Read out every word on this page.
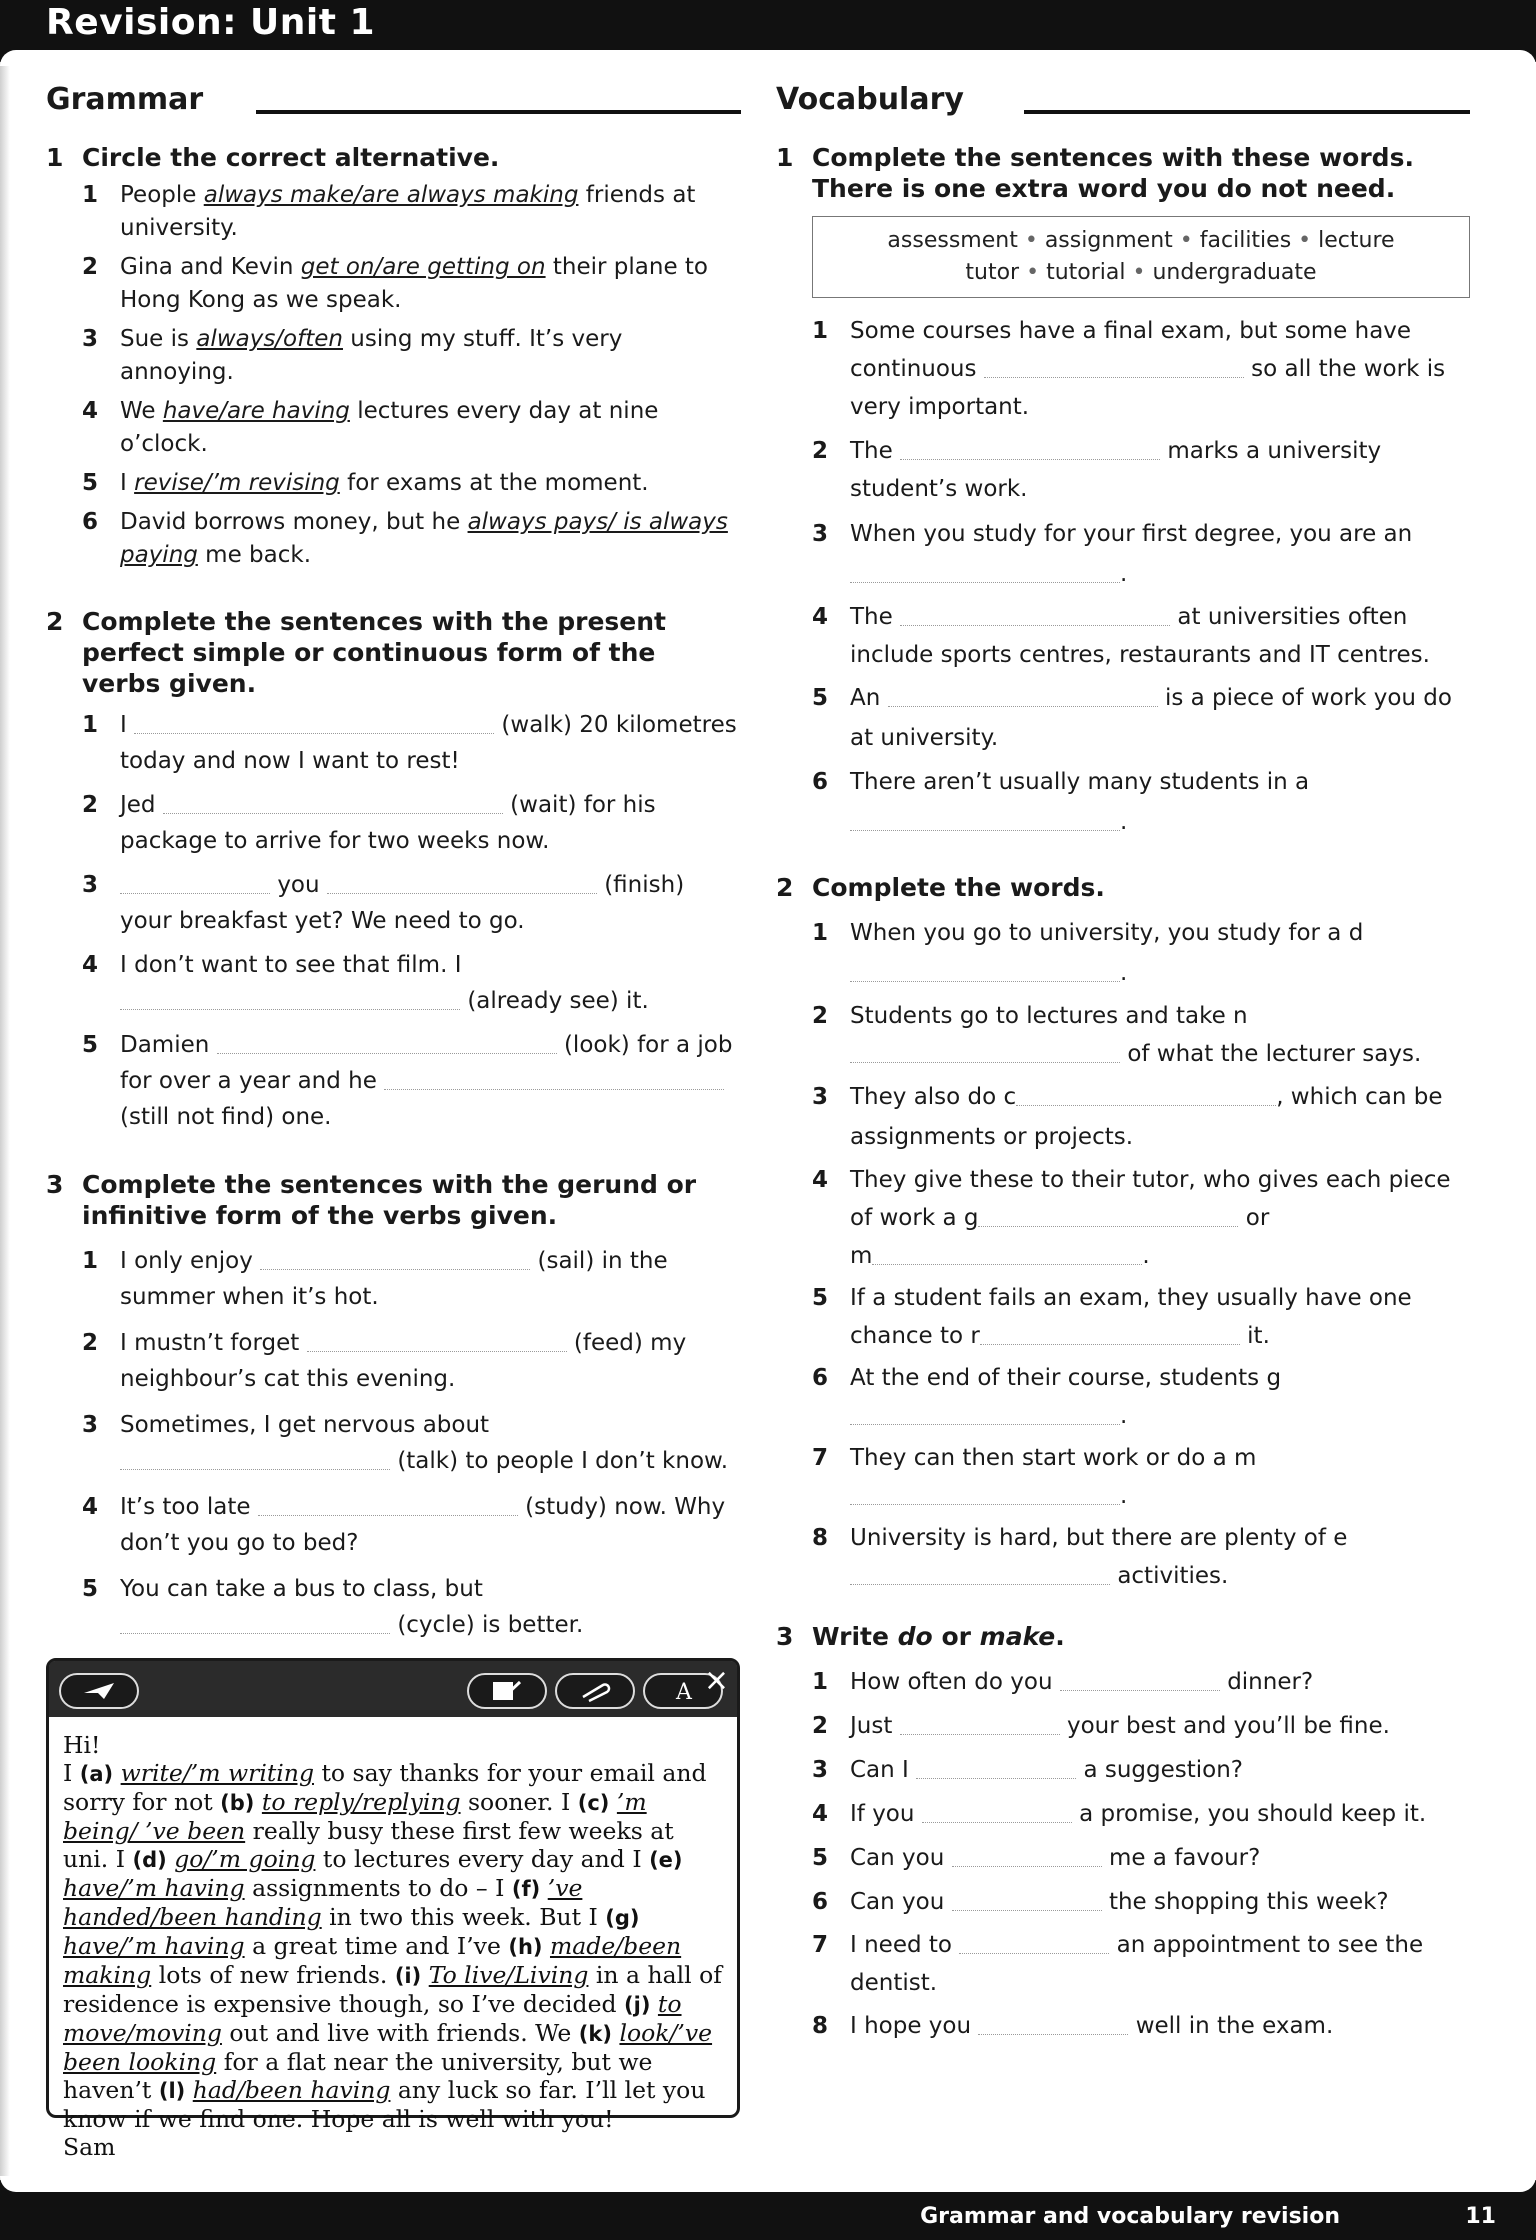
Revision: Unit 1
Grammar
1 Circle the correct alternative.
1 People always make/are always making friends at university.
2 Gina and Kevin get on/are getting on their plane to Hong Kong as we speak.
3 Sue is always/often using my stuff. It’s very annoying.
4 We have/are having lectures every day at nine o’clock.
5 I revise/’m revising for exams at the moment.
6 David borrows money, but he always pays/ is always paying me back.
2 Complete the sentences with the present perfect simple or continuous form of the verbs given.
1 I	(walk) 20 kilometres today and now I want to rest!
2 Jed	(wait) for his package to arrive for two weeks now.
3	you	(finish) your breakfast yet? We need to go.
4 I don’t want to see that film. I  (already see) it.
5 Damien	(look) for a job for over a year and he  (still not find) one.
3 Complete the sentences with the gerund or infinitive form of the verbs given.
1 I only enjoy	(sail) in the summer when it’s hot.
2 I mustn’t forget	(feed) my neighbour’s cat this evening.
3 Sometimes, I get nervous about  (talk) to people I don’t know.
4 It’s too late	(study) now. Why don’t you go to bed?
5 You can take a bus to class, but  (cycle) is better.
A ×
Hi!
I (a) write/’m writing to say thanks for your email and sorry for not (b) to reply/replying sooner. I (c) ’m being/ ’ve been really busy these first few weeks at uni. I (d) go/’m going to lectures every day and I (e) have/’m having assignments to do – I (f) ’ve handed/been handing in two this week. But I (g) have/’m having a great time and I’ve (h) made/been making lots of new friends. (i) To live/Living in a hall of residence is expensive though, so I’ve decided (j) to move/moving out and live with friends. We (k) look/’ve been looking for a flat near the university, but we haven’t (l) had/been having any luck so far. I’ll let you know if we find one. Hope all is well with you!
Sam
Vocabulary
1 Complete the sentences with these words. There is one extra word you do not need.
assessment • assignment • facilities • lecture
tutor • tutorial • undergraduate
1 Some courses have a final exam, but some have continuous	so all the work is very important.
2 The	marks a university student’s work.
3 When you study for your first degree, you are an .
4 The	at universities often include sports centres, restaurants and IT centres.
5 An	is a piece of work you do at university.
6 There aren’t usually many students in a .
2 Complete the words.
1 When you go to university, you study for a d.
2 Students go to lectures and take n of what the lecturer says.
3 They also do c	, which can be assignments or projects.
4 They give these to their tutor, who gives each piece of work a g	or
m	.
5 If a student fails an exam, they usually have one chance to r	it.
6 At the end of their course, students g
.
7 They can then start work or do a m
.
8 University is hard, but there are plenty of e activities.
3 Write do or make.
1 How often do you	dinner?
2 Just	your best and you’ll be fine.
3 Can I	a suggestion?
4 If you	a promise, you should keep it.
5 Can you	me a favour?
6 Can you	the shopping this week?
7 I need to	an appointment to see the dentist.
8 I hope you	well in the exam.
Grammar and vocabulary revision	11
